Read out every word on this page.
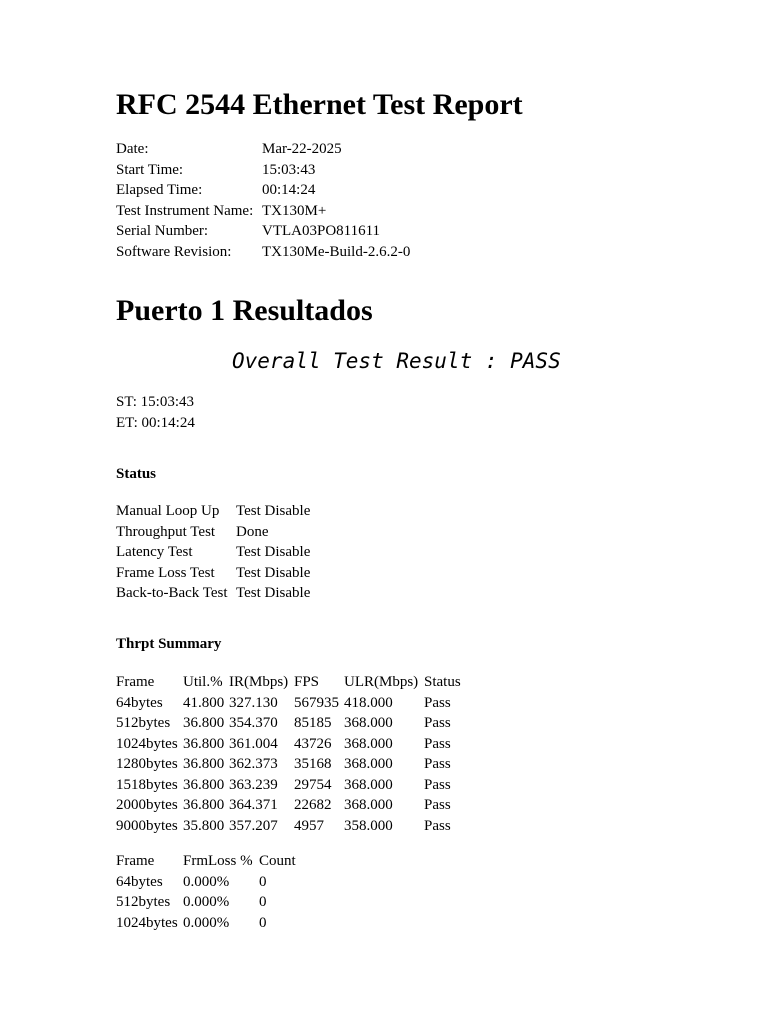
RFC 2544 Ethernet Test Report
Date:	Mar-22-2025
Start Time:	15:03:43
Elapsed Time:	00:14:24
Test Instrument Name:	TX130M+
Serial Number:	VTLA03PO811611
Software Revision:	TX130Me-Build-2.6.2-0
Puerto 1 Resultados
Overall Test Result : PASS
ST: 15:03:43
ET: 00:14:24
Status
Manual Loop Up	Test Disable
Throughput Test	Done
Latency Test	Test Disable
Frame Loss Test	Test Disable
Back-to-Back Test	Test Disable
Thrpt Summary
Frame	Util.%	IR(Mbps)	FPS	ULR(Mbps)	Status
64bytes	41.800	327.130	567935	418.000	Pass
512bytes	36.800	354.370	85185	368.000	Pass
1024bytes	36.800	361.004	43726	368.000	Pass
1280bytes	36.800	362.373	35168	368.000	Pass
1518bytes	36.800	363.239	29754	368.000	Pass
2000bytes	36.800	364.371	22682	368.000	Pass
9000bytes	35.800	357.207	4957	358.000	Pass
Frame	FrmLoss %	Count
64bytes	0.000%	0
512bytes	0.000%	0
1024bytes	0.000%	0
